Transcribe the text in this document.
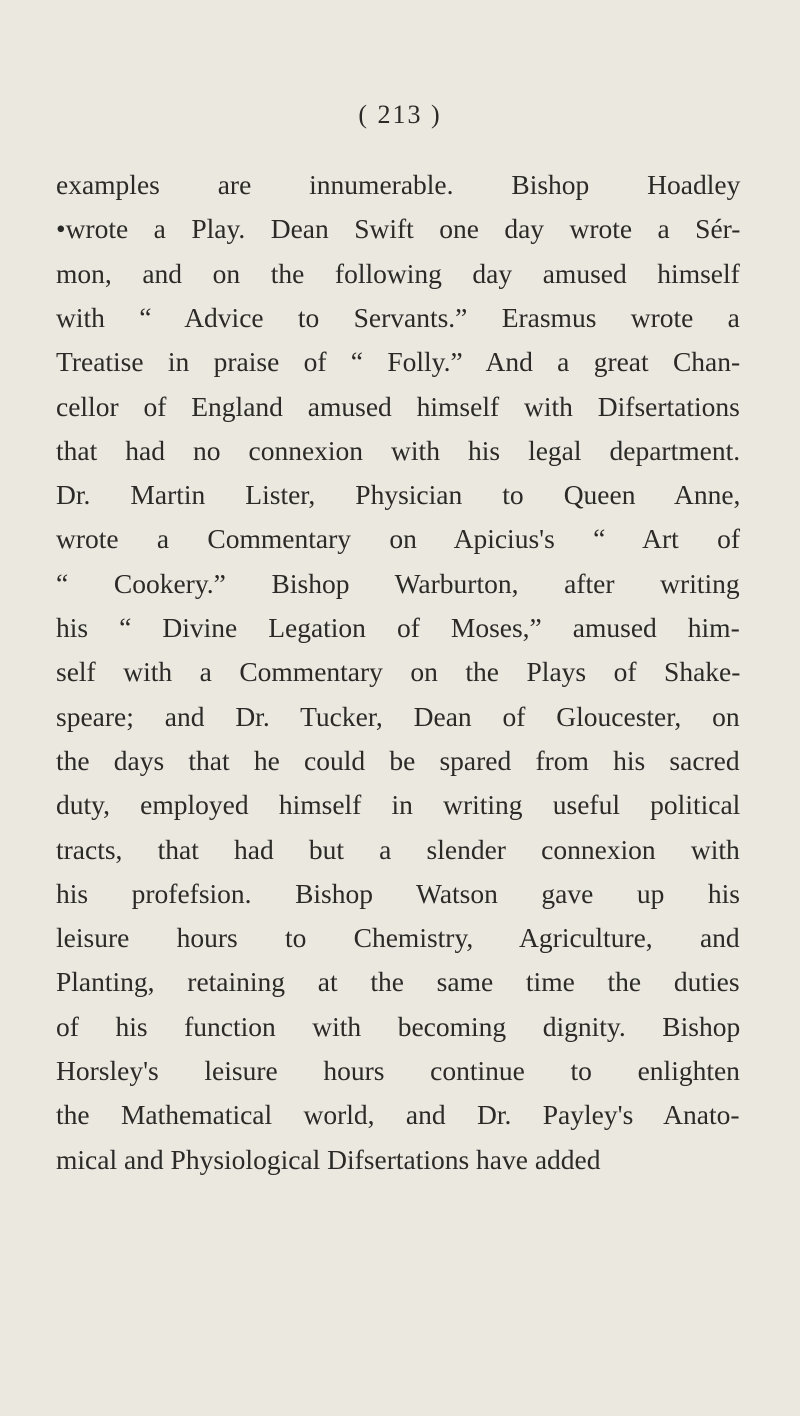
( 213 )
examples are innumerable. Bishop Hoadley
•wrote a Play. Dean Swift one day wrote a Sér-
mon, and on the following day amused himself
with “ Advice to Servants.” Erasmus wrote a
Treatise in praise of “ Folly.” And a great Chan-
cellor of England amused himself with Difsertations
that had no connexion with his legal department.
Dr. Martin Lister, Physician to Queen Anne,
wrote a Commentary on Apicius's “ Art of
“ Cookery.” Bishop Warburton, after writing
his “ Divine Legation of Moses,” amused him-
self with a Commentary on the Plays of Shake-
speare; and Dr. Tucker, Dean of Gloucester, on
the days that he could be spared from his sacred
duty, employed himself in writing useful political
tracts, that had but a slender connexion with
his profefsion. Bishop Watson gave up his
leisure hours to Chemistry, Agriculture, and
Planting, retaining at the same time the duties
of his function with becoming dignity. Bishop
Horsley's leisure hours continue to enlighten
the Mathematical world, and Dr. Payley's Anato-
mical and Physiological Difsertations have added
